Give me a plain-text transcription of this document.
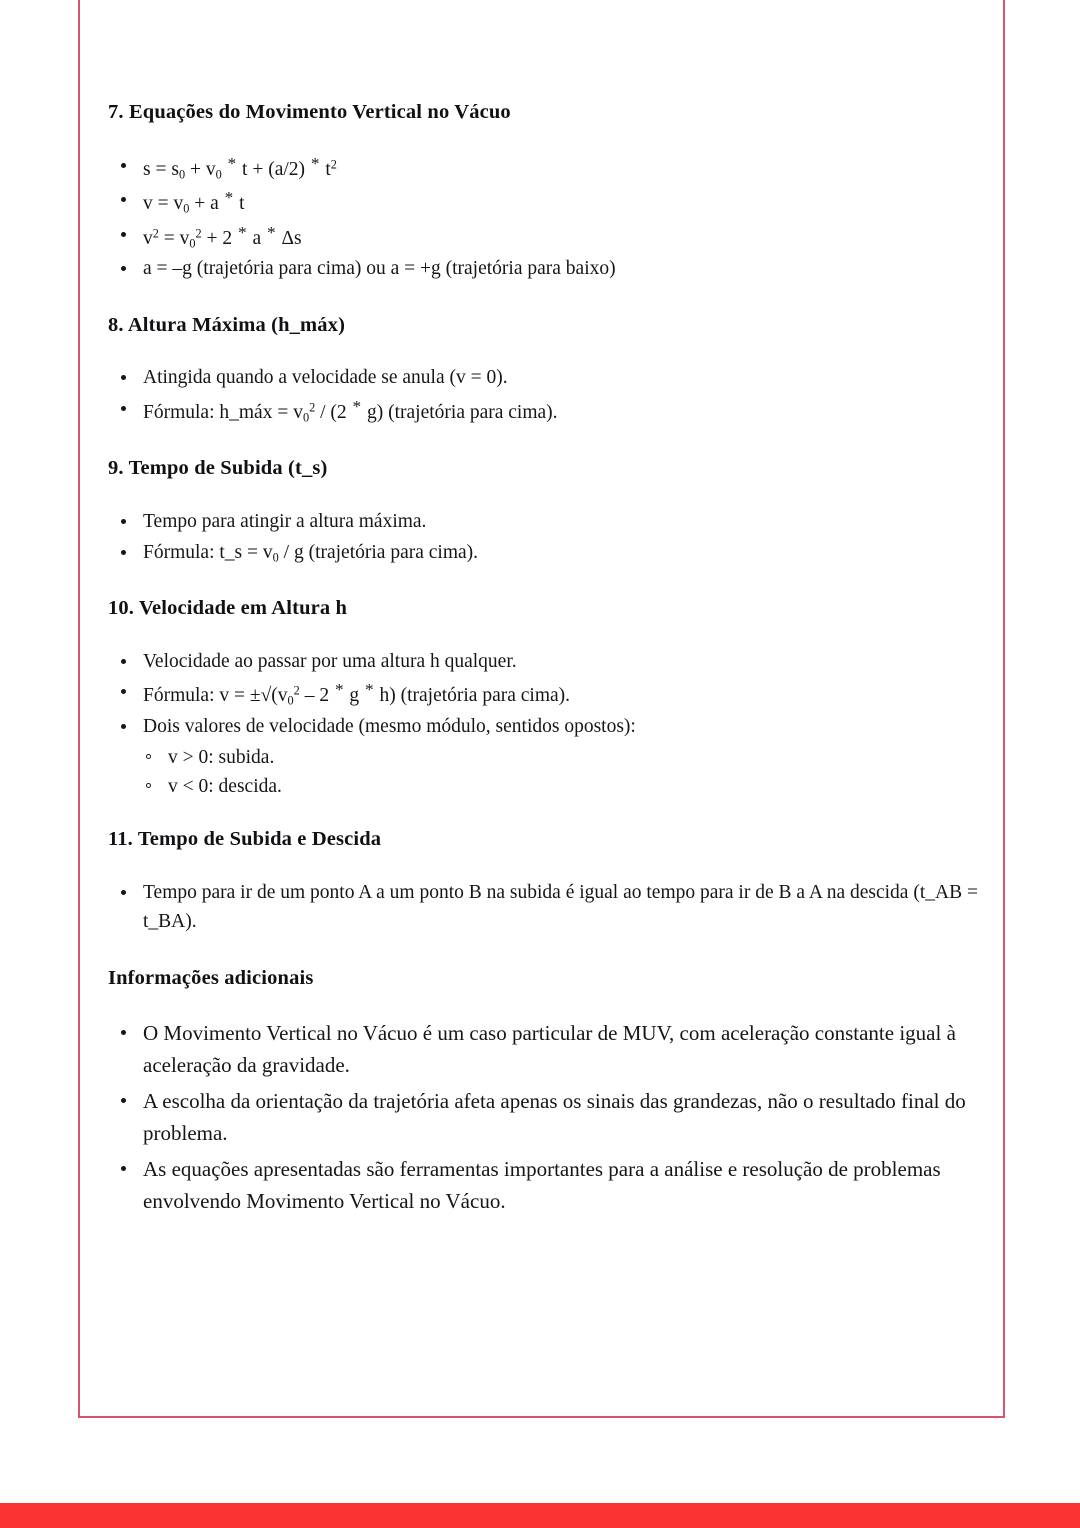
7. Equações do Movimento Vertical no Vácuo
$s = s_0 + v_0 * t + (a/2) * t^2$
$v = v_0 + a * t$
$v^2 = v_0^2 + 2 * a * \Delta s$
a = –g (trajetória para cima) ou a = +g (trajetória para baixo)
8. Altura Máxima (h_máx)
Atingida quando a velocidade se anula (v = 0).
Fórmula: h_máx = $v_0^2 / (2 * g)$ (trajetória para cima).
9. Tempo de Subida (t_s)
Tempo para atingir a altura máxima.
Fórmula: t_s = $v_0$ / g (trajetória para cima).
10. Velocidade em Altura h
Velocidade ao passar por uma altura h qualquer.
Fórmula: $v = \pm√(v_0^2 - 2 * g * h)$ (trajetória para cima).
Dois valores de velocidade (mesmo módulo, sentidos opostos):
v > 0: subida.
v < 0: descida.
11. Tempo de Subida e Descida
Tempo para ir de um ponto A a um ponto B na subida é igual ao tempo para ir de B a A na descida (t_AB = t_BA).
Informações adicionais
O Movimento Vertical no Vácuo é um caso particular de MUV, com aceleração constante igual à aceleração da gravidade.
A escolha da orientação da trajetória afeta apenas os sinais das grandezas, não o resultado final do problema.
As equações apresentadas são ferramentas importantes para a análise e resolução de problemas envolvendo Movimento Vertical no Vácuo.
